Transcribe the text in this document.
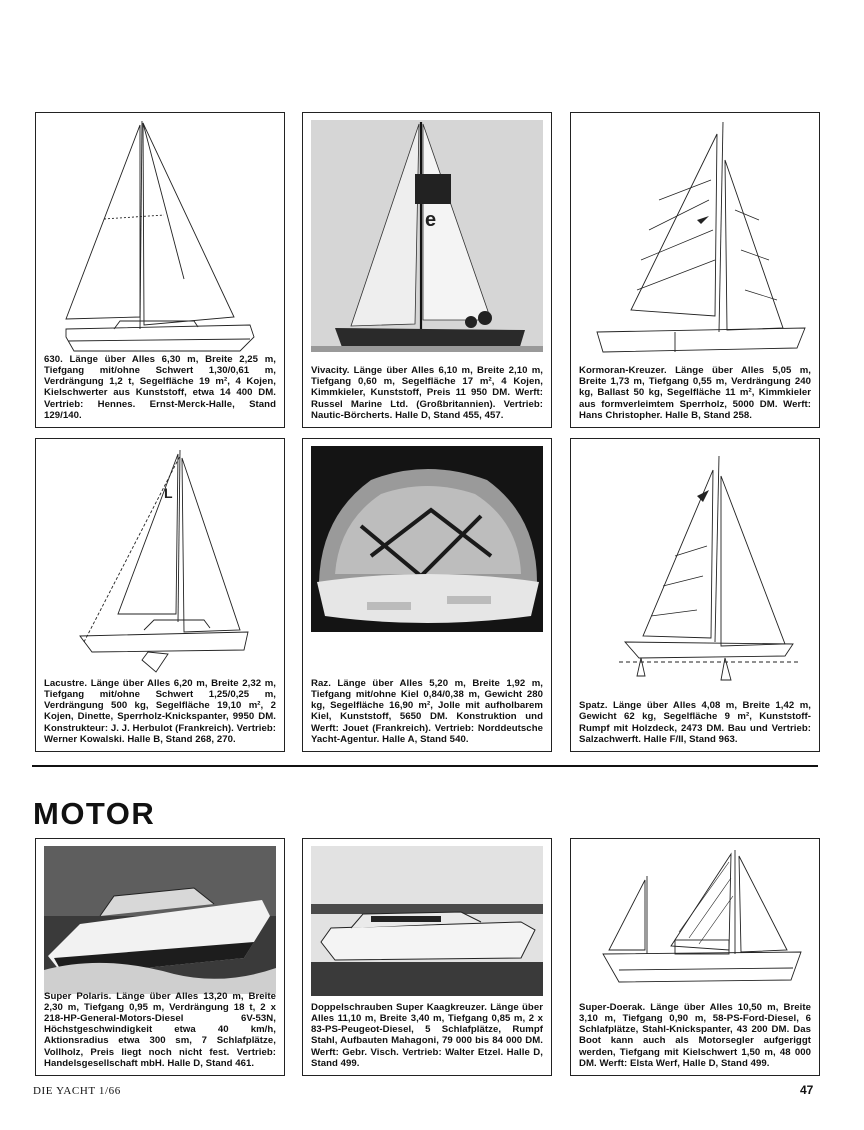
630. Länge über Alles 6,30 m, Breite 2,25 m, Tiefgang mit/ohne Schwert 1,30/0,61 m, Verdrängung 1,2 t, Segelfläche 19 m², 4 Kojen, Kielschwerter aus Kunststoff, etwa 14 400 DM. Vertrieb: Hennes. Ernst-Merck-Halle, Stand 129/140.
e
Vivacity. Länge über Alles 6,10 m, Breite 2,10 m, Tiefgang 0,60 m, Segelfläche 17 m², 4 Kojen, Kimmkieler, Kunststoff, Preis 11 950 DM. Werft: Russel Marine Ltd. (Großbritannien). Vertrieb: Nautic-Börcherts. Halle D, Stand 455, 457.
Kormoran-Kreuzer. Länge über Alles 5,05 m, Breite 1,73 m, Tiefgang 0,55 m, Verdrängung 240 kg, Ballast 50 kg, Segelfläche 11 m², Kimmkieler aus formverleimtem Sperrholz, 5000 DM. Werft: Hans Christopher. Halle B, Stand 258.
L
Lacustre. Länge über Alles 6,20 m, Breite 2,32 m, Tiefgang mit/ohne Schwert 1,25/0,25 m, Verdrängung 500 kg, Segelfläche 19,10 m², 2 Kojen, Dinette, Sperrholz-Knickspanter, 9950 DM. Konstrukteur: J. J. Herbulot (Frankreich). Vertrieb: Werner Kowalski. Halle B, Stand 268, 270.
Raz. Länge über Alles 5,20 m, Breite 1,92 m, Tiefgang mit/ohne Kiel 0,84/0,38 m, Gewicht 280 kg, Segelfläche 16,90 m², Jolle mit aufholbarem Kiel, Kunststoff, 5650 DM. Konstruktion und Werft: Jouet (Frankreich). Vertrieb: Norddeutsche Yacht-Agentur. Halle A, Stand 540.
Spatz. Länge über Alles 4,08 m, Breite 1,42 m, Gewicht 62 kg, Segelfläche 9 m², Kunststoff-Rumpf mit Holzdeck, 2473 DM. Bau und Vertrieb: Salzachwerft. Halle F/II, Stand 963.
MOTOR
Super Polaris. Länge über Alles 13,20 m, Breite 2,30 m, Tiefgang 0,95 m, Verdrängung 18 t, 2 x 218-HP-General-Motors-Diesel 6V-53N, Höchstgeschwindigkeit etwa 40 km/h, Aktionsradius etwa 300 sm, 7 Schlafplätze, Vollholz, Preis liegt noch nicht fest. Vertrieb: Handelsgesellschaft mbH. Halle D, Stand 461.
Doppelschrauben Super Kaagkreuzer. Länge über Alles 11,10 m, Breite 3,40 m, Tiefgang 0,85 m, 2 x 83-PS-Peugeot-Diesel, 5 Schlafplätze, Rumpf Stahl, Aufbauten Mahagoni, 79 000 bis 84 000 DM. Werft: Gebr. Visch. Vertrieb: Walter Etzel. Halle D, Stand 499.
Super-Doerak. Länge über Alles 10,50 m, Breite 3,10 m, Tiefgang 0,90 m, 58-PS-Ford-Diesel, 6 Schlafplätze, Stahl-Knickspanter, 43 200 DM. Das Boot kann auch als Motorsegler aufgeriggt werden, Tiefgang mit Kielschwert 1,50 m, 48 000 DM. Werft: Elsta Werf, Halle D, Stand 499.
DIE YACHT 1/66	47
